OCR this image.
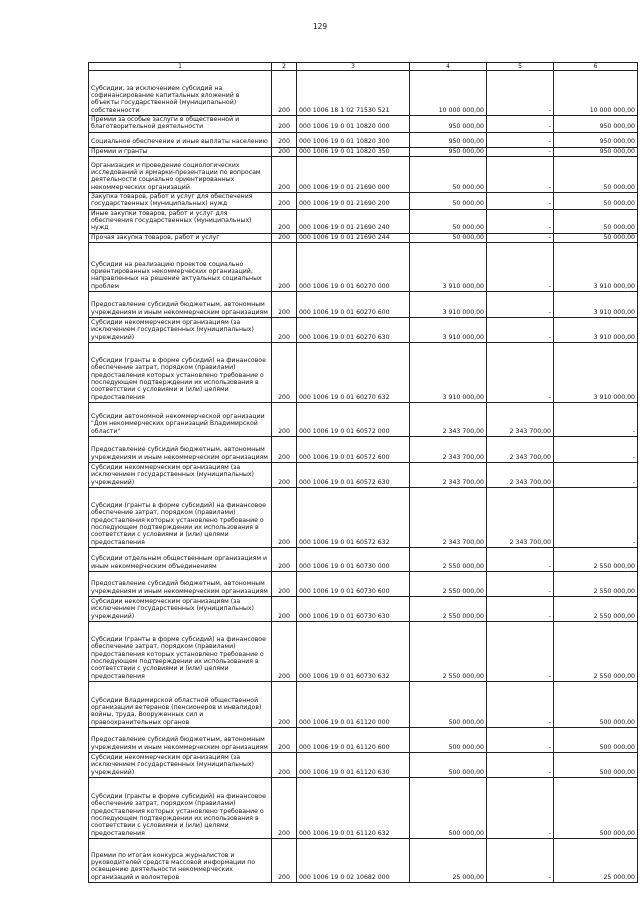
129
1	2	3	4	5	6
Субсидии, за исключением субсидий на софинансирование капитальных вложений в объекты государственной (муниципальной) собственности	200	000 1006 18 1 02 71530 521	10 000 000,00	-	10 000 000,00
Премии за особые заслуги в общественной и благотворительной деятельности	200	000 1006 19 0 01 10820 000	950 000,00	-	950 000,00
Социальное обеспечение и иные выплаты населению	200	000 1006 19 0 01 10820 300	950 000,00	-	950 000,00
Премии и гранты	200	000 1006 19 0 01 10820 350	950 000,00	-	950 000,00
Организация и проведение социологических исследований и ярмарки-презентации по вопросам деятельности социально ориентированных некоммерческих организаций	200	000 1006 19 0 01 21690 000	50 000,00	-	50 000,00
Закупка товаров, работ и услуг для обеспечения государственных (муниципальных) нужд	200	000 1006 19 0 01 21690 200	50 000,00	-	50 000,00
Иные закупки товаров, работ и услуг для обеспечения государственных (муниципальных) нужд	200	000 1006 19 0 01 21690 240	50 000,00	-	50 000,00
Прочая закупка товаров, работ и услуг	200	000 1006 19 0 01 21690 244	50 000,00	-	50 000,00
Субсидии на реализацию проектов социально ориентированных некоммерческих организаций, направленных на решение актуальных социальных проблем	200	000 1006 19 0 01 60270 000	3 910 000,00	-	3 910 000,00
Предоставление субсидий бюджетным, автономным учреждениям и иным некоммерческим организациям	200	000 1006 19 0 01 60270 600	3 910 000,00	-	3 910 000,00
Субсидии некоммерческим организациям (за исключением государственных (муниципальных) учреждений)	200	000 1006 19 0 01 60270 630	3 910 000,00	-	3 910 000,00
Субсидии (гранты в форме субсидий) на финансовое обеспечение затрат, порядком (правилами) предоставления которых установлено требование о последующем подтверждении их использования в соответствии с условиями и (или) целями предоставления	200	000 1006 19 0 01 60270 632	3 910 000,00	-	3 910 000,00
Субсидии автономной некоммерческой организации "Дом некоммерческих организаций Владимирской области"	200	000 1006 19 0 01 60572 000	2 343 700,00	2 343 700,00	-
Предоставление субсидий бюджетным, автономным учреждениям и иным некоммерческим организациям	200	000 1006 19 0 01 60572 600	2 343 700,00	2 343 700,00	-
Субсидии некоммерческим организациям (за исключением государственных (муниципальных) учреждений)	200	000 1006 19 0 01 60572 630	2 343 700,00	2 343 700,00	-
Субсидии (гранты в форме субсидий) на финансовое обеспечение затрат, порядком (правилами) предоставления которых установлено требование о последующем подтверждении их использования в соответствии с условиями и (или) целями предоставления	200	000 1006 19 0 01 60572 632	2 343 700,00	2 343 700,00	-
Субсидии отдельным общественным организациям и иным некоммерческим объединениям	200	000 1006 19 0 01 60730 000	2 550 000,00	-	2 550 000,00
Предоставление субсидий бюджетным, автономным учреждениям и иным некоммерческим организациям	200	000 1006 19 0 01 60730 600	2 550 000,00	-	2 550 000,00
Субсидии некоммерческим организациям (за исключением государственных (муниципальных) учреждений)	200	000 1006 19 0 01 60730 630	2 550 000,00	-	2 550 000,00
Субсидии (гранты в форме субсидий) на финансовое обеспечение затрат, порядком (правилами) предоставления которых установлено требование о последующем подтверждении их использования в соответствии с условиями и (или) целями предоставления	200	000 1006 19 0 01 60730 632	2 550 000,00	-	2 550 000,00
Субсидии Владимирской областной общественной организации ветеранов (пенсионеров и инвалидов) войны, труда, Вооруженных сил и правоохранительных органов	200	000 1006 19 0 01 61120 000	500 000,00	-	500 000,00
Предоставление субсидий бюджетным, автономным учреждениям и иным некоммерческим организациям	200	000 1006 19 0 01 61120 600	500 000,00	-	500 000,00
Субсидии некоммерческим организациям (за исключением государственных (муниципальных) учреждений)	200	000 1006 19 0 01 61120 630	500 000,00	-	500 000,00
Субсидии (гранты в форме субсидий) на финансовое обеспечение затрат, порядком (правилами) предоставления которых установлено требование о последующем подтверждении их использования в соответствии с условиями и (или) целями предоставления	200	000 1006 19 0 01 61120 632	500 000,00	-	500 000,00
Премии по итогам конкурса журналистов и руководителей средств массовой информации по освещению деятельности некоммерческих организаций и волонтеров	200	000 1006 19 0 02 10682 000	25 000,00	-	25 000,00
